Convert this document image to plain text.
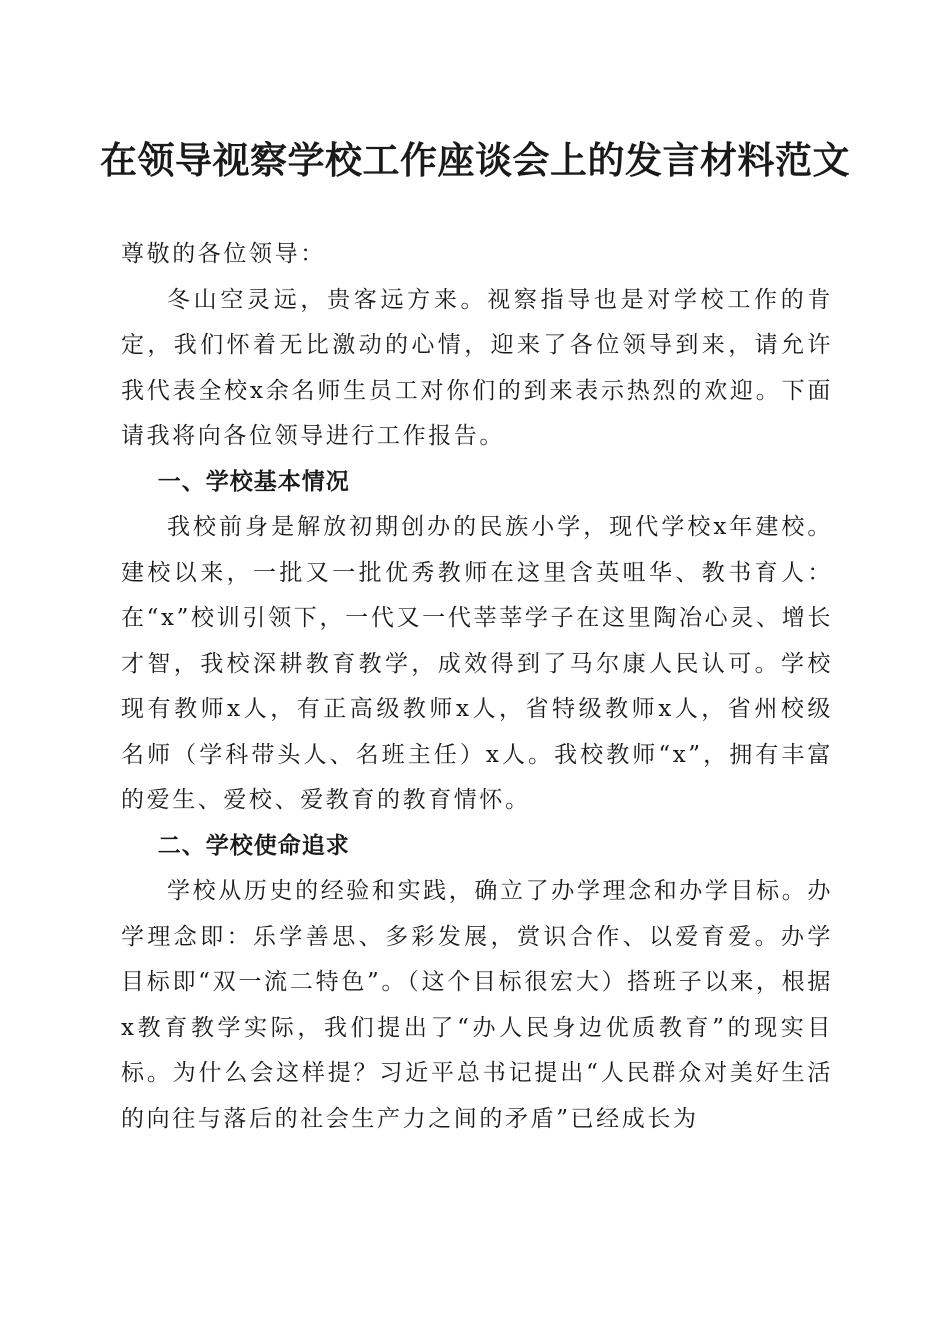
在领导视察学校工作座谈会上的发言材料范文

尊敬的各位领导：

冬山空灵远，贵客远方来。视察指导也是对学校工作的肯定，我们怀着无比激动的心情，迎来了各位领导到来，请允许我代表全校x余名师生员工对你们的到来表示热烈的欢迎。下面请我将向各位领导进行工作报告。

一、学校基本情况

我校前身是解放初期创办的民族小学，现代学校x年建校。建校以来，一批又一批优秀教师在这里含英咀华、教书育人：在“x”校训引领下，一代又一代莘莘学子在这里陶冶心灵、增长才智，我校深耕教育教学，成效得到了马尔康人民认可。学校现有教师x人，有正高级教师x人，省特级教师x人，省州校级名师（学科带头人、名班主任）x人。我校教师“x”，拥有丰富的爱生、爱校、爱教育的教育情怀。

二、学校使命追求

学校从历史的经验和实践，确立了办学理念和办学目标。办学理念即：乐学善思、多彩发展，赏识合作、以爱育爱。办学目标即“双一流二特色”。（这个目标很宏大）搭班子以来，根据x教育教学实际，我们提出了“办人民身边优质教育”的现实目标。为什么会这样提？习近平总书记提出“人民群众对美好生活的向往与落后的社会生产力之间的矛盾”已经成长为
